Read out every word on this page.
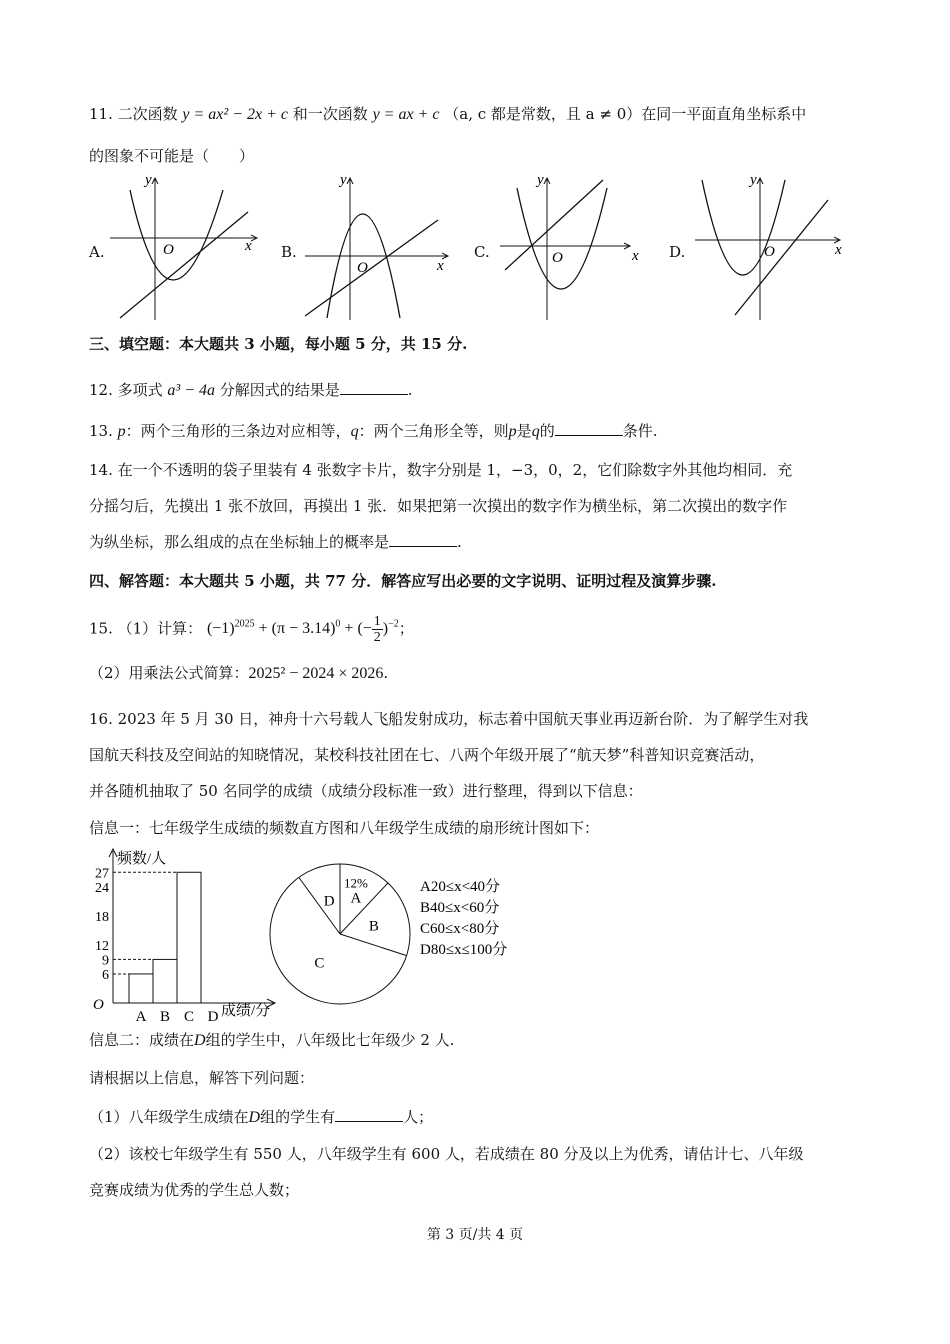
11. 二次函数 y = ax² − 2x + c 和一次函数 y = ax + c （a, c 都是常数，且 a ≠ 0）在同一平面直角坐标系中
的图象不可能是（　　）
A.
y
x
O	B.
y
x
O
C.
y
x
O	D.
y
x
O
三、填空题：本大题共 3 小题，每小题 5 分，共 15 分.
12. 多项式 a³ − 4a 分解因式的结果是	.
13. p：两个三角形的三条边对应相等，q：两个三角形全等，则p是q的	条件.
14. 在一个不透明的袋子里装有 4 张数字卡片，数字分别是 1，−3，0，2，它们除数字外其他均相同．充
分摇匀后，先摸出 1 张不放回，再摸出 1 张．如果把第一次摸出的数字作为横坐标，第二次摸出的数字作
为纵坐标，那么组成的点在坐标轴上的概率是	.
四、解答题：本大题共 5 小题，共 77 分．解答应写出必要的文字说明、证明过程及演算步骤.
15. （1）计算： $(-1)^{2025} + (\pi - 3.14)^0$ + (− $\frac{1}{2} )^{-2}$；
（2）用乘法公式简算：2025² − 2024 × 2026.
16. 2023 年 5 月 30 日，神舟十六号载人飞船发射成功，标志着中国航天事业再迈新台阶．为了解学生对我
国航天科技及空间站的知晓情况，某校科技社团在七、八两个年级开展了“航天梦”科普知识竞赛活动，
并各随机抽取了 50 名同学的成绩（成绩分段标准一致）进行整理，得到以下信息：
信息一：七年级学生成绩的频数直方图和八年级学生成绩的扇形统计图如下：
频数/人
成绩/分
O
6
9
12
18
24
27
A B C D
12%
A
B
C
D
A20≤x<40分
B40≤x<60分
C60≤x<80分
D80≤x≤100分
信息二：成绩在D组的学生中，八年级比七年级少 2 人.
请根据以上信息，解答下列问题：
（1）八年级学生成绩在D组的学生有	人；
（2）该校七年级学生有 550 人，八年级学生有 600 人，若成绩在 80 分及以上为优秀，请估计七、八年级
竞赛成绩为优秀的学生总人数；
第 3 页/共 4 页
